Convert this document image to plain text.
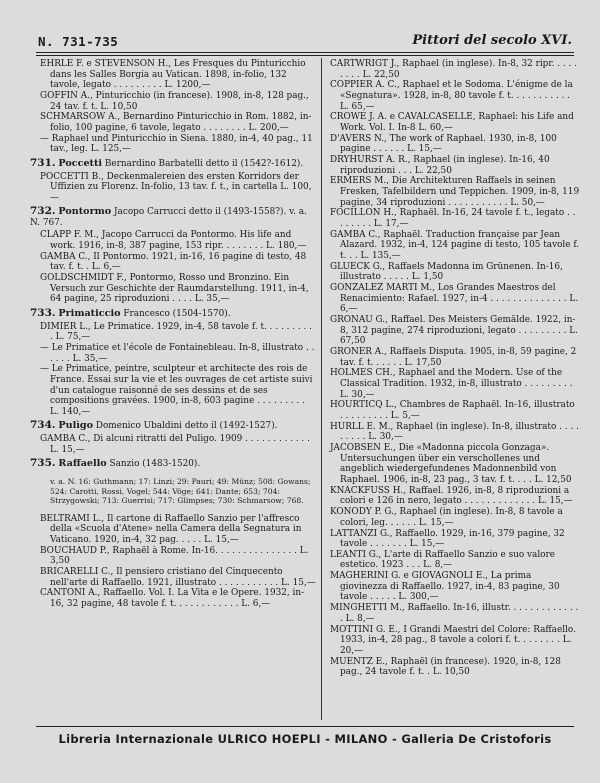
N. 731-735	Pittori del secolo XVI.

EHRLE F. e STEVENSON H., Les Fresques du Pinturicchio dans les Salles Borgia au Vatican. 1898, in-folio, 132 tavole, legato . . . . . . . . . L. 1200,—

GOFFIN A., Pinturicchio (in francese). 1908, in-8, 128 pag., 24 tav. f. t. L. 10,50

SCHMARSOW A., Bernardino Pinturicchio in Rom. 1882, in-folio, 100 pagine, 6 tavole, legato . . . . . . . . L. 200,—

— Raphael und Pinturicchio in Siena. 1880, in-4, 40 pag., 11 tav., leg. L. 125,—

731. Poccetti Bernardino Barbatelli detto il (1542?-1612).

POCCETTI B., Deckenmalereien des ersten Korridors der Uffizien zu Florenz. In-folio, 13 tav. f. t., in cartella L. 100,—

732. Pontormo Jacopo Carrucci detto il (1493-1558?). v. a. N. 767.

CLAPP F. M., Jacopo Carrucci da Pontormo. His life and work. 1916, in-8, 387 pagine, 153 ripr. . . . . . . . L. 180,—

GAMBA C., Il Pontormo. 1921, in-16, 16 pagine di testo, 48 tav. f. t. . L. 6,—

GOLDSCHMIDT F., Pontormo, Rosso und Bronzino. Ein Versuch zur Geschichte der Raumdarstellung. 1911, in-4, 64 pagine, 25 riproduzioni . . . . L. 35,—

733. Primaticcio Francesco (1504-1570).

DIMIER L., Le Primatice. 1929, in-4, 58 tavole f. t. . . . . . . . . . L. 75,—

— Le Primatice et l'école de Fontainebleau. In-8, illustrato . . . . . . L. 35,—

— Le Primatice, peintre, sculpteur et architecte des rois de France. Essai sur la vie et les ouvrages de cet artiste suivi d'un catalogue raisonné de ses dessins et de ses compositions gravées. 1900, in-8, 603 pagine . . . . . . . . . L. 140,—

734. Pulìgo Domenico Ubaldini detto il (1492-1527).

GAMBA C., Di alcuni ritratti del Puligo. 1909 . . . . . . . . . . . . L. 15,—

735. Raffaello Sanzio (1483-1520).

v. a. N. 16: Guthmann; 17: Linzi; 29: Pauri; 49: Münz; 508: Gowans; 524: Carotti, Rossi, Vogel; 544: Vöge; 641: Dante; 653; 704: Strzygowski; 713: Guerrisi; 717: Glimpses; 730: Schmarsow; 768.

BELTRAMI L., Il cartone di Raffaello Sanzio per l'affresco della «Scuola d'Atene» nella Camera della Segnatura in Vaticano. 1920, in-4, 32 pag. . . . . L. 15,—

BOUCHAUD P., Raphaël à Rome. In-16. . . . . . . . . . . . . . . L. 3,50

BRICARELLI C., Il pensiero cristiano del Cinquecento nell'arte di Raffaello. 1921, illustrato . . . . . . . . . . . L. 15,—

CANTONI A., Raffaello. Vol. I. La Vita e le Opere. 1932, in-16, 32 pagine, 48 tavole f. t. . . . . . . . . . . . L. 6,—

CARTWRIGT J., Raphael (in inglese). In-8, 32 ripr. . . . . . . . . L. 22,50

COPPIER A. C., Raphael et le Sodoma. L'énigme de la «Segnatura». 1928, in-8, 80 tavole f. t. . . . . . . . . . . L. 65,—

CROWE J. A. e CAVALCASELLE, Raphael: his Life and Work. Vol. I. In-8 L. 60,—

D'AVERS N., The work of Raphael. 1930, in-8, 100 pagine . . . . . . L. 15,—

DRYHURST A. R., Raphael (in inglese). In-16, 40 riproduzioni . . . L. 22,50

ERMERS M., Die Architekturen Raffaels in seinen Fresken, Tafelbildern und Teppichen. 1909, in-8, 119 pagine, 34 riproduzioni . . . . . . . . . . . L. 50,—

FOCILLON H., Raphaël. In-16, 24 tavole f. t., legato . . . . . . . . L. 17,—

GAMBA C., Raphaël. Traduction française par Jean Alazard. 1932, in-4, 124 pagine di testo, 105 tavole f. t. . . L. 135,—

GLUECK G., Raffaels Madonna im Grünenen. In-16, illustrato . . . . . L. 1,50

GONZALEZ MARTI M., Los Grandes Maestros del Renacimiento: Rafael. 1927, in-4 . . . . . . . . . . . . . . L. 6,—

GRONAU G., Raffael. Des Meisters Gemälde. 1922, in-8, 312 pagine, 274 riproduzioni, legato . . . . . . . . . L. 67,50

GRONER A., Raffaels Disputa. 1905, in-8, 59 pagine, 2 tav. f. t. . . . . . L. 17,50

HOLMES CH., Raphael and the Modern. Use of the Classical Tradition. 1932, in-8, illustrato . . . . . . . . . L. 30,—

HOURTICQ L., Chambres de Raphaël. In-16, illustrato . . . . . . . . . L. 5,—

HURLL E. M., Raphael (in inglese). In-8, illustrato . . . . . . . . . L. 30,—

JACOBSEN E., Die «Madonna piccola Gonzaga». Untersuchungen über ein verschollenes und angeblich wiedergefundenes Madonnenbild von Raphael. 1906, in-8, 23 pag., 3 tav. f. t. . . . L. 12,50

KNACKFUSS H., Raffael. 1926, in-8, 8 riproduzioni a colori e 126 in nero, legato . . . . . . . . . . . . . L. 15,—

KONODY P. G., Raphael (in inglese). In-8, 8 tavole a colori, leg. . . . . . L. 15,—

LATTANZI G., Raffaello. 1929, in-16, 379 pagine, 32 tavole . . . . . . . L. 15,—

LEANTI G., L'arte di Raffaello Sanzio e suo valore estetico. 1923 . . . L. 8,—

MAGHERINI G. e GIOVAGNOLI E., La prima giovinezza di Raffaello. 1927, in-4, 83 pagine, 30 tavole . . . . . L. 300,—

MINGHETTI M., Raffaello. In-16, illustr. . . . . . . . . . . . . . L. 8,—

MOTTINI G. E., I Grandi Maestri del Colore: Raffaello. 1933, in-4, 28 pag., 8 tavole a colori f. t. . . . . . . . L. 20,—

MUENTZ E., Raphaël (in francese). 1920, in-8, 128 pag., 24 tavole f. t. . L. 10,50

Libreria Internazionale ULRICO HOEPLI - MILANO - Galleria De Cristoforis
